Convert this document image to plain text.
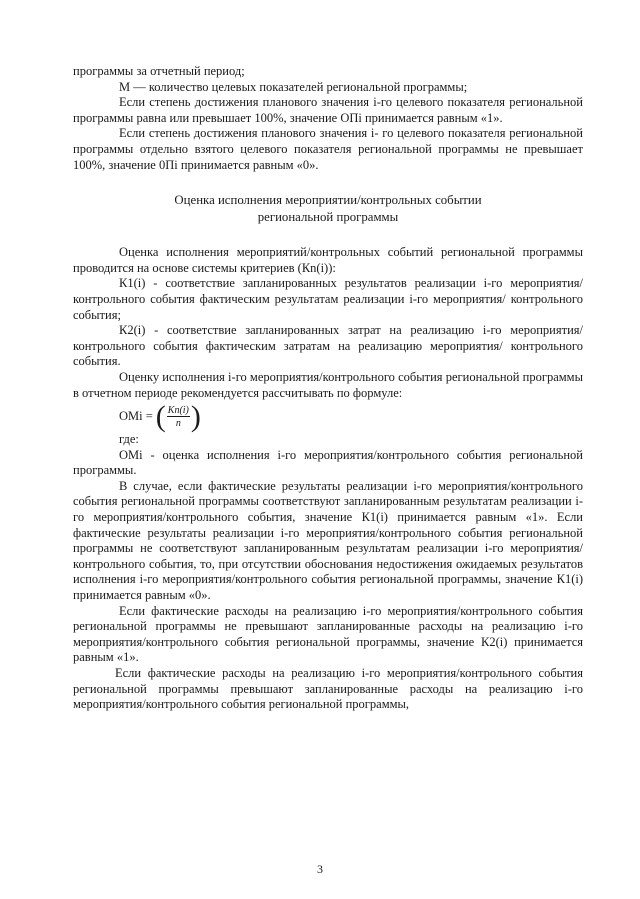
программы за отчетный период;

М — количество целевых показателей региональной программы;

Если степень достижения планового значения i-го целевого показателя региональной программы равна или превышает 100%, значение ОПi принимается равным «1».

Если степень достижения планового значения i- го целевого показателя региональной программы отдельно взятого целевого показателя региональной программы не превышает 100%, значение 0Пi принимается равным «0».

Оценка исполнения мероприятии/контрольных событии
региональной программы

Оценка исполнения мероприятий/контрольных событий региональной программы проводится на основе системы критериев (Кn(i)):

К1(i) - соответствие запланированных результатов реализации i-го мероприятия/ контрольного события фактическим результатам реализации i-го мероприятия/ контрольного события;

К2(i) - соответствие запланированных затрат на реализацию i-го мероприятия/ контрольного события фактическим затратам на реализацию мероприятия/ контрольного события.

Оценку исполнения i-го мероприятия/контрольного события региональной программы в отчетном периоде рекомендуется рассчитывать по формуле:

ОМi = ( $\frac{Кn(i)}{n}$ )

где:

ОМi - оценка исполнения i-го мероприятия/контрольного события региональной программы.

В случае, если фактические результаты реализации i-го мероприятия/контрольного события региональной программы соответствуют запланированным результатам реализации i-го мероприятия/контрольного события, значение К1(i) принимается равным «1». Если фактические результаты реализации i-го мероприятия/контрольного события региональной программы не соответствуют запланированным результатам реализации i-го мероприятия/контрольного события, то, при отсутствии обоснования недостижения ожидаемых результатов исполнения i-го мероприятия/контрольного события региональной программы, значение К1(i) принимается равным «0».

Если фактические расходы на реализацию i-го мероприятия/контрольного события региональной программы не превышают запланированные расходы на реализацию i-го мероприятия/контрольного события региональной программы, значение К2(i) принимается равным «1».

Если фактические расходы на реализацию i-го мероприятия/контрольного события региональной программы превышают запланированные расходы на реализацию i-го мероприятия/контрольного события региональной программы,

3
